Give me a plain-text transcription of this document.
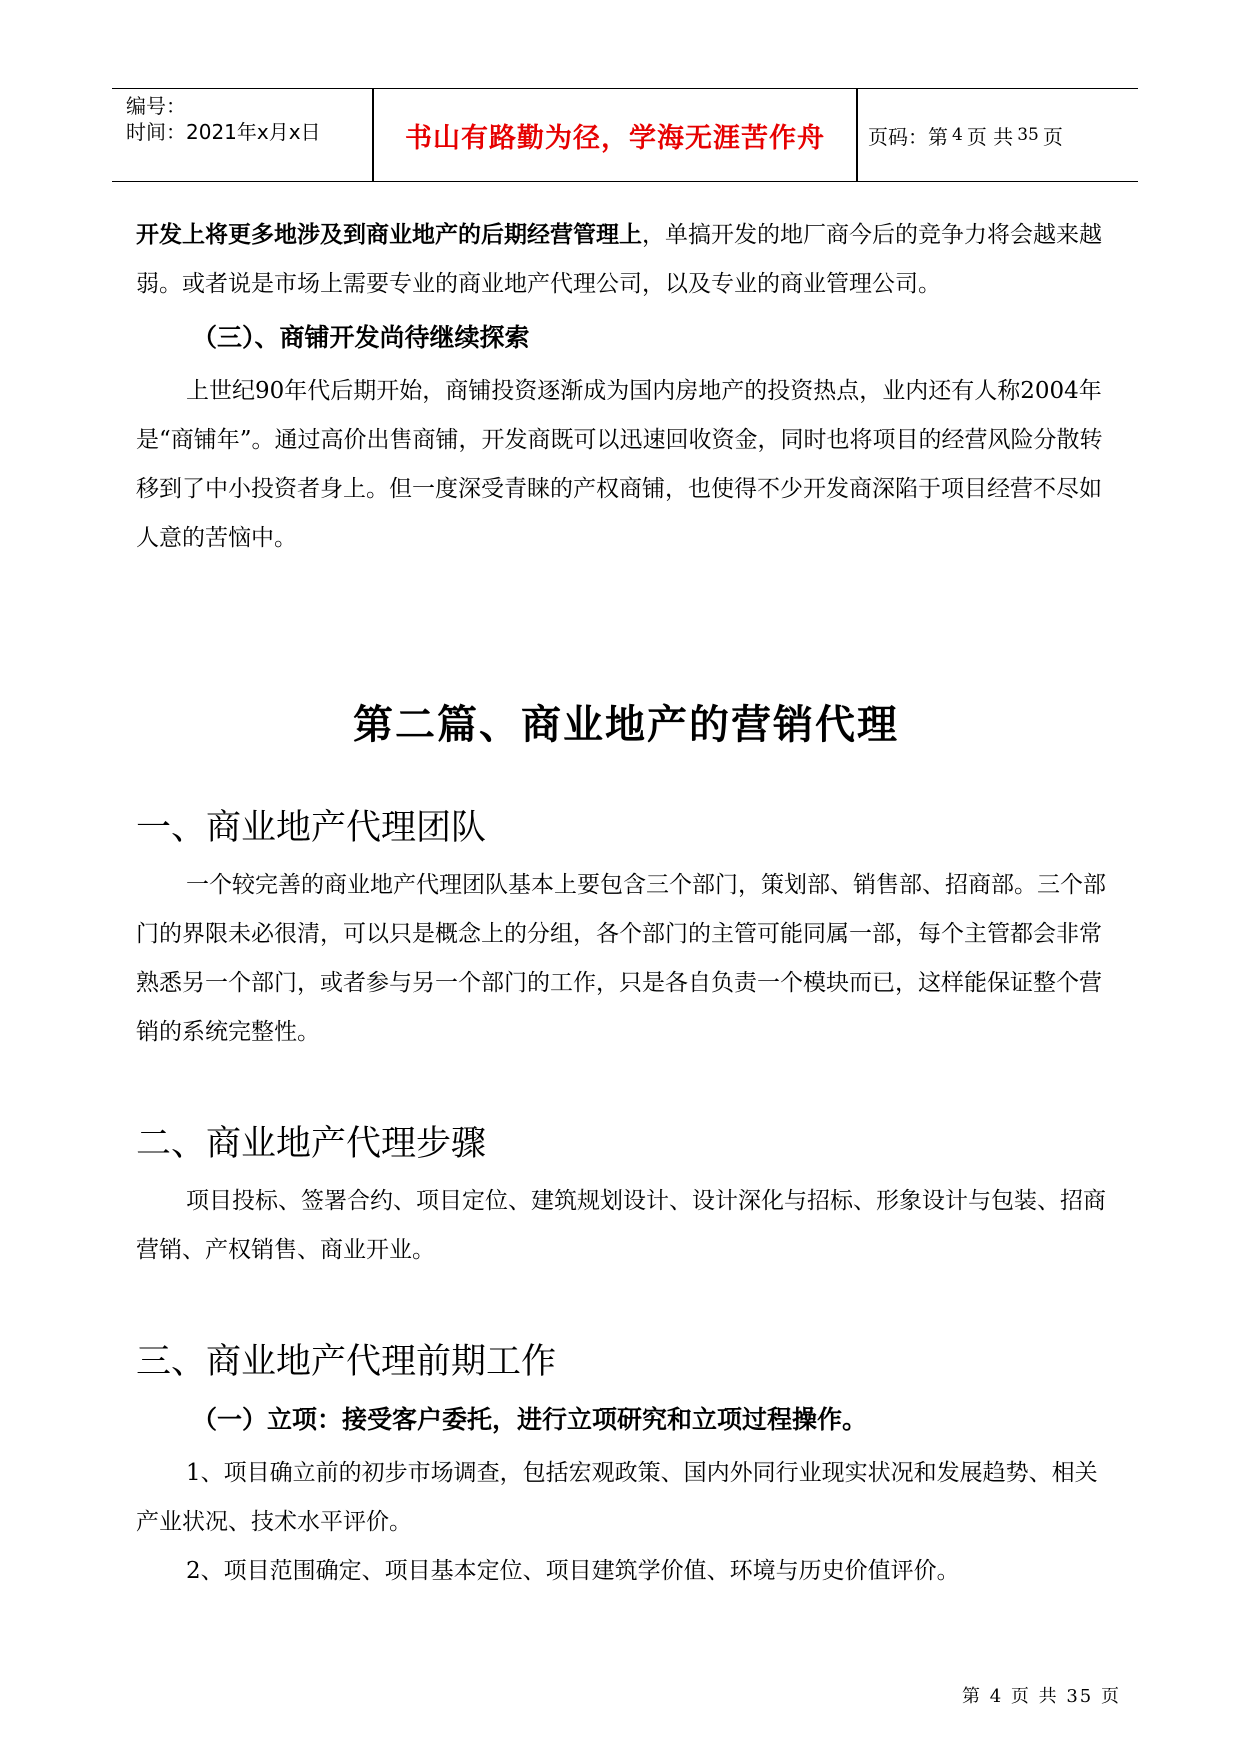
编号：
时间：2021年x月x日	书山有路勤为径，学海无涯苦作舟	页码：第 4 页 共 35 页

开发上将更多地涉及到商业地产的后期经营管理上，单搞开发的地厂商今后的竞争力将会越来越弱。或者说是市场上需要专业的商业地产代理公司，以及专业的商业管理公司。

（三）、商铺开发尚待继续探索

上世纪90年代后期开始，商铺投资逐渐成为国内房地产的投资热点，业内还有人称2004年是“商铺年”。通过高价出售商铺，开发商既可以迅速回收资金，同时也将项目的经营风险分散转移到了中小投资者身上。但一度深受青睐的产权商铺，也使得不少开发商深陷于项目经营不尽如人意的苦恼中。

第二篇、商业地产的营销代理
一、商业地产代理团队

一个较完善的商业地产代理团队基本上要包含三个部门，策划部、销售部、招商部。三个部门的界限未必很清，可以只是概念上的分组，各个部门的主管可能同属一部，每个主管都会非常熟悉另一个部门，或者参与另一个部门的工作，只是各自负责一个模块而已，这样能保证整个营销的系统完整性。

二、商业地产代理步骤

项目投标、签署合约、项目定位、建筑规划设计、设计深化与招标、形象设计与包装、招商营销、产权销售、商业开业。

三、商业地产代理前期工作
（一）立项：接受客户委托，进行立项研究和立项过程操作。

1、项目确立前的初步市场调查，包括宏观政策、国内外同行业现实状况和发展趋势、相关产业状况、技术水平评价。

2、项目范围确定、项目基本定位、项目建筑学价值、环境与历史价值评价。

第 4 页 共 35 页
